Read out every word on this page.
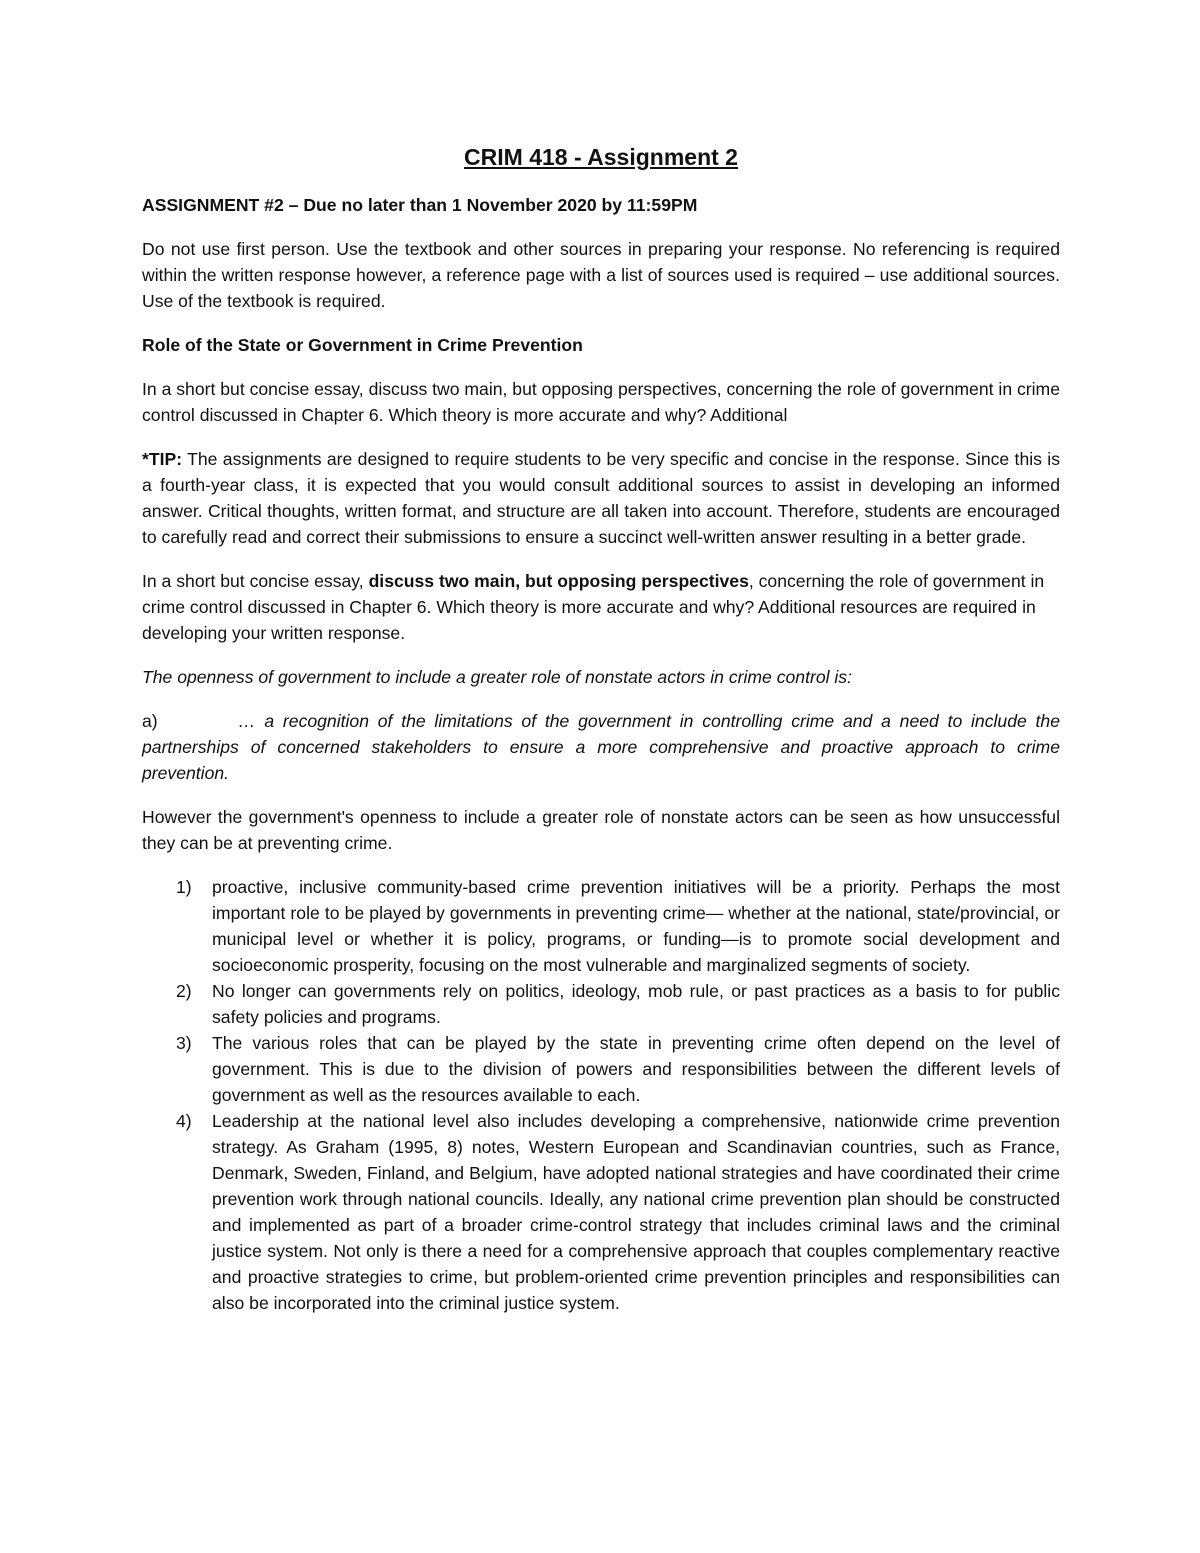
CRIM 418 - Assignment 2

ASSIGNMENT #2 – Due no later than 1 November 2020 by 11:59PM

Do not use first person. Use the textbook and other sources in preparing your response. No referencing is required within the written response however, a reference page with a list of sources used is required – use additional sources. Use of the textbook is required.

Role of the State or Government in Crime Prevention

In a short but concise essay, discuss two main, but opposing perspectives, concerning the role of government in crime control discussed in Chapter 6. Which theory is more accurate and why? Additional

*TIP: The assignments are designed to require students to be very specific and concise in the response. Since this is a fourth-year class, it is expected that you would consult additional sources to assist in developing an informed answer. Critical thoughts, written format, and structure are all taken into account. Therefore, students are encouraged to carefully read and correct their submissions to ensure a succinct well-written answer resulting in a better grade.

In a short but concise essay, discuss two main, but opposing perspectives, concerning the role of government in crime control discussed in Chapter 6. Which theory is more accurate and why? Additional resources are required in developing your written response.

The openness of government to include a greater role of nonstate actors in crime control is:

a)	… a recognition of the limitations of the government in controlling crime and a need to include the partnerships of concerned stakeholders to ensure a more comprehensive and proactive approach to crime prevention.

However the government's openness to include a greater role of nonstate actors can be seen as how unsuccessful they can be at preventing crime.

1)	proactive, inclusive community-based crime prevention initiatives will be a priority. Perhaps the most important role to be played by governments in preventing crime— whether at the national, state/provincial, or municipal level or whether it is policy, programs, or funding—is to promote social development and socioeconomic prosperity, focusing on the most vulnerable and marginalized segments of society.
2)	No longer can governments rely on politics, ideology, mob rule, or past practices as a basis to for public safety policies and programs.
3)	The various roles that can be played by the state in preventing crime often depend on the level of government. This is due to the division of powers and responsibilities between the different levels of government as well as the resources available to each.
4)	Leadership at the national level also includes developing a comprehensive, nationwide crime prevention strategy. As Graham (1995, 8) notes, Western European and Scandinavian countries, such as France, Denmark, Sweden, Finland, and Belgium, have adopted national strategies and have coordinated their crime prevention work through national councils. Ideally, any national crime prevention plan should be constructed and implemented as part of a broader crime-control strategy that includes criminal laws and the criminal justice system. Not only is there a need for a comprehensive approach that couples complementary reactive and proactive strategies to crime, but problem-oriented crime prevention principles and responsibilities can also be incorporated into the criminal justice system.
